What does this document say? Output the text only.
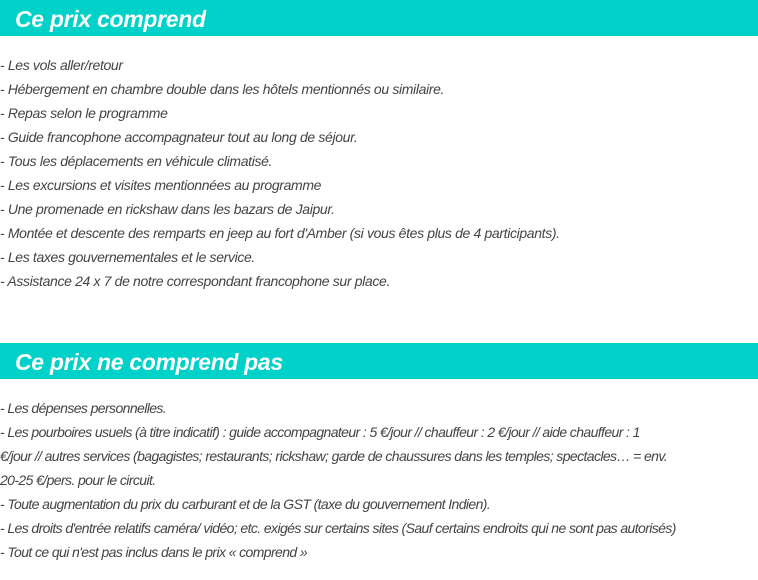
Ce prix comprend
- Les vols aller/retour
- Hébergement en chambre double dans les hôtels mentionnés ou similaire.
- Repas selon le programme
- Guide francophone accompagnateur tout au long de séjour.
- Tous les déplacements en véhicule climatisé.
- Les excursions et visites mentionnées au programme
- Une promenade en rickshaw dans les bazars de Jaipur.
- Montée et descente des remparts en jeep au fort d'Amber (si vous êtes plus de 4 participants).
- Les taxes gouvernementales et le service.
- Assistance 24 x 7 de notre correspondant francophone sur place.
Ce prix ne comprend pas
- Les dépenses personnelles.
- Les pourboires usuels (à titre indicatif) : guide accompagnateur : 5 €/jour // chauffeur : 2 €/jour // aide chauffeur : 1
€/jour // autres services (bagagistes; restaurants; rickshaw; garde de chaussures dans les temples; spectacles… = env.
20-25 €/pers. pour le circuit.
- Toute augmentation du prix du carburant et de la GST (taxe du gouvernement Indien).
- Les droits d'entrée relatifs caméra/ vidéo; etc. exigés sur certains sites (Sauf certains endroits qui ne sont pas autorisés)
- Tout ce qui n'est pas inclus dans le prix « comprend »
